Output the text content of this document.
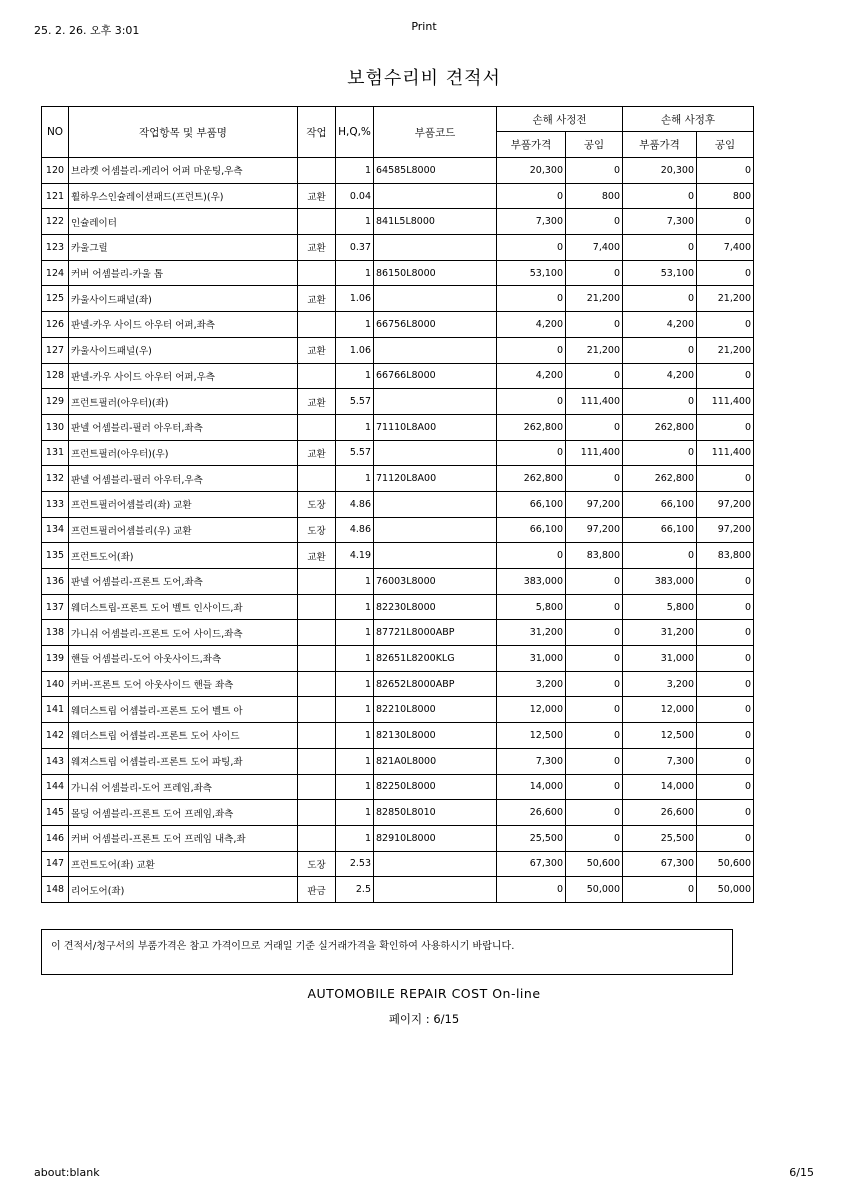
25. 2. 26. 오후 3:01	Print
보험수리비 견적서
NO	작업항목 및 부품명	작업	H,Q,%	부품코드	손해 사정전		손해 사정후	
					부품가격	공임	부품가격	공임
120	브라켓 어셈블리-케리어 어퍼 마운팅,우측		1	64585L8000	20,300	0	20,300	0
121	휠하우스인슐레이션패드(프런트)(우)	교환	0.04		0	800	0	800
122	인슐레이터		1	841L5L8000	7,300	0	7,300	0
123	카울그릴	교환	0.37		0	7,400	0	7,400
124	커버 어셈블리-카울 톱		1	86150L8000	53,100	0	53,100	0
125	카울사이드패널(좌)	교환	1.06		0	21,200	0	21,200
126	판넬-카우 사이드 아우터 어퍼,좌측		1	66756L8000	4,200	0	4,200	0
127	카울사이드패널(우)	교환	1.06		0	21,200	0	21,200
128	판넬-카우 사이드 아우터 어퍼,우측		1	66766L8000	4,200	0	4,200	0
129	프런트필러(아우터)(좌)	교환	5.57		0	111,400	0	111,400
130	판넬 어셈블리-필러 아우터,좌측		1	71110L8A00	262,800	0	262,800	0
131	프런트필러(아우터)(우)	교환	5.57		0	111,400	0	111,400
132	판넬 어셈블리-필러 아우터,우측		1	71120L8A00	262,800	0	262,800	0
133	프런트필러어셈블리(좌) 교환	도장	4.86		66,100	97,200	66,100	97,200
134	프런트필러어셈블리(우) 교환	도장	4.86		66,100	97,200	66,100	97,200
135	프런트도어(좌)	교환	4.19		0	83,800	0	83,800
136	판넬 어셈블리-프론트 도어,좌측		1	76003L8000	383,000	0	383,000	0
137	웨더스트립-프론트 도어 벨트 인사이드,좌		1	82230L8000	5,800	0	5,800	0
138	가니쉬 어셈블리-프론트 도어 사이드,좌측		1	87721L8000ABP	31,200	0	31,200	0
139	핸들 어셈블리-도어 아웃사이드,좌측		1	82651L8200KLG	31,000	0	31,000	0
140	커버-프론트 도어 아웃사이드 핸들 좌측		1	82652L8000ABP	3,200	0	3,200	0
141	웨더스트립 어셈블리-프론트 도어 벨트 아		1	82210L8000	12,000	0	12,000	0
142	웨더스트립 어셈블리-프론트 도어 사이드		1	82130L8000	12,500	0	12,500	0
143	웨져스트립 어셈블리-프론트 도어 파팅,좌		1	821A0L8000	7,300	0	7,300	0
144	가니쉬 어셈블리-도어 프레임,좌측		1	82250L8000	14,000	0	14,000	0
145	몰딩 어셈블리-프론트 도어 프레임,좌측		1	82850L8010	26,600	0	26,600	0
146	커버 어셈블리-프론트 도어 프레임 내측,좌		1	82910L8000	25,500	0	25,500	0
147	프런트도어(좌) 교환	도장	2.53		67,300	50,600	67,300	50,600
148	리어도어(좌)	판금	2.5		0	50,000	0	50,000
이 견적서/청구서의 부품가격은 참고 가격이므로 거래일 기준 실거래가격을 확인하여 사용하시기 바랍니다.
AUTOMOBILE REPAIR COST On-line
페이지 : 6/15
about:blank	6/15
